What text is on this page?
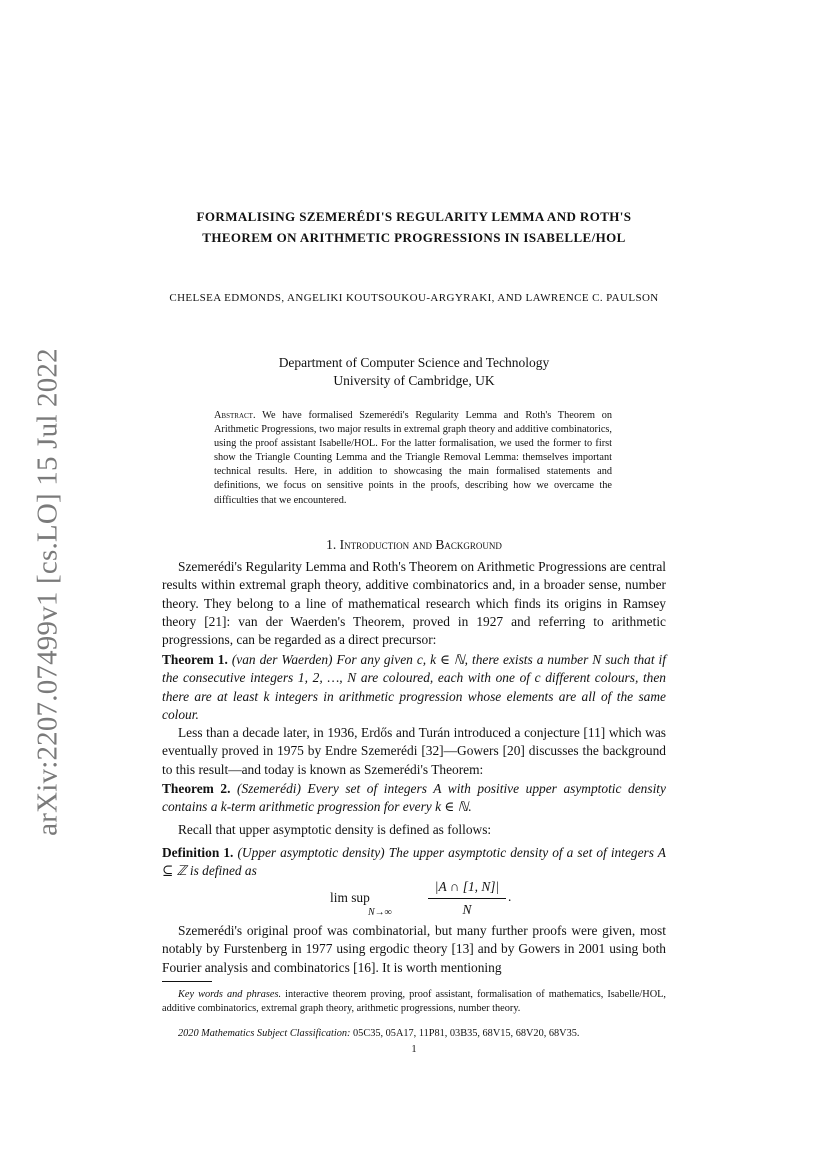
arXiv:2207.07499v1 [cs.LO] 15 Jul 2022
FORMALISING SZEMERÉDI'S REGULARITY LEMMA AND ROTH'S THEOREM ON ARITHMETIC PROGRESSIONS IN ISABELLE/HOL
CHELSEA EDMONDS, ANGELIKI KOUTSOUKOU-ARGYRAKI, AND LAWRENCE C. PAULSON
Department of Computer Science and Technology
University of Cambridge, UK
Abstract. We have formalised Szemerédi's Regularity Lemma and Roth's Theorem on Arithmetic Progressions, two major results in extremal graph theory and additive combinatorics, using the proof assistant Isabelle/HOL. For the latter formalisation, we used the former to first show the Triangle Counting Lemma and the Triangle Removal Lemma: themselves important technical results. Here, in addition to showcasing the main formalised statements and definitions, we focus on sensitive points in the proofs, describing how we overcame the difficulties that we encountered.
1. Introduction and Background
Szemerédi's Regularity Lemma and Roth's Theorem on Arithmetic Progressions are central results within extremal graph theory, additive combinatorics and, in a broader sense, number theory. They belong to a line of mathematical research which finds its origins in Ramsey theory [21]: van der Waerden's Theorem, proved in 1927 and referring to arithmetic progressions, can be regarded as a direct precursor:
Theorem 1. (van der Waerden) For any given c, k ∈ ℕ, there exists a number N such that if the consecutive integers 1, 2, …, N are coloured, each with one of c different colours, then there are at least k integers in arithmetic progression whose elements are all of the same colour.
Less than a decade later, in 1936, Erdős and Turán introduced a conjecture [11] which was eventually proved in 1975 by Endre Szemerédi [32]—Gowers [20] discusses the background to this result—and today is known as Szemerédi's Theorem:
Theorem 2. (Szemerédi) Every set of integers A with positive upper asymptotic density contains a k-term arithmetic progression for every k ∈ ℕ.
Recall that upper asymptotic density is defined as follows:
Definition 1. (Upper asymptotic density) The upper asymptotic density of a set of integers A ⊆ ℤ is defined as
lim sup
N→∞
|A ∩ [1, N]|
N
.
Szemerédi's original proof was combinatorial, but many further proofs were given, most notably by Furstenberg in 1977 using ergodic theory [13] and by Gowers in 2001 using both Fourier analysis and combinatorics [16]. It is worth mentioning
Key words and phrases. interactive theorem proving, proof assistant, formalisation of mathematics, Isabelle/HOL, additive combinatorics, extremal graph theory, arithmetic progressions, number theory.
2020 Mathematics Subject Classification: 05C35, 05A17, 11P81, 03B35, 68V15, 68V20, 68V35.
1
